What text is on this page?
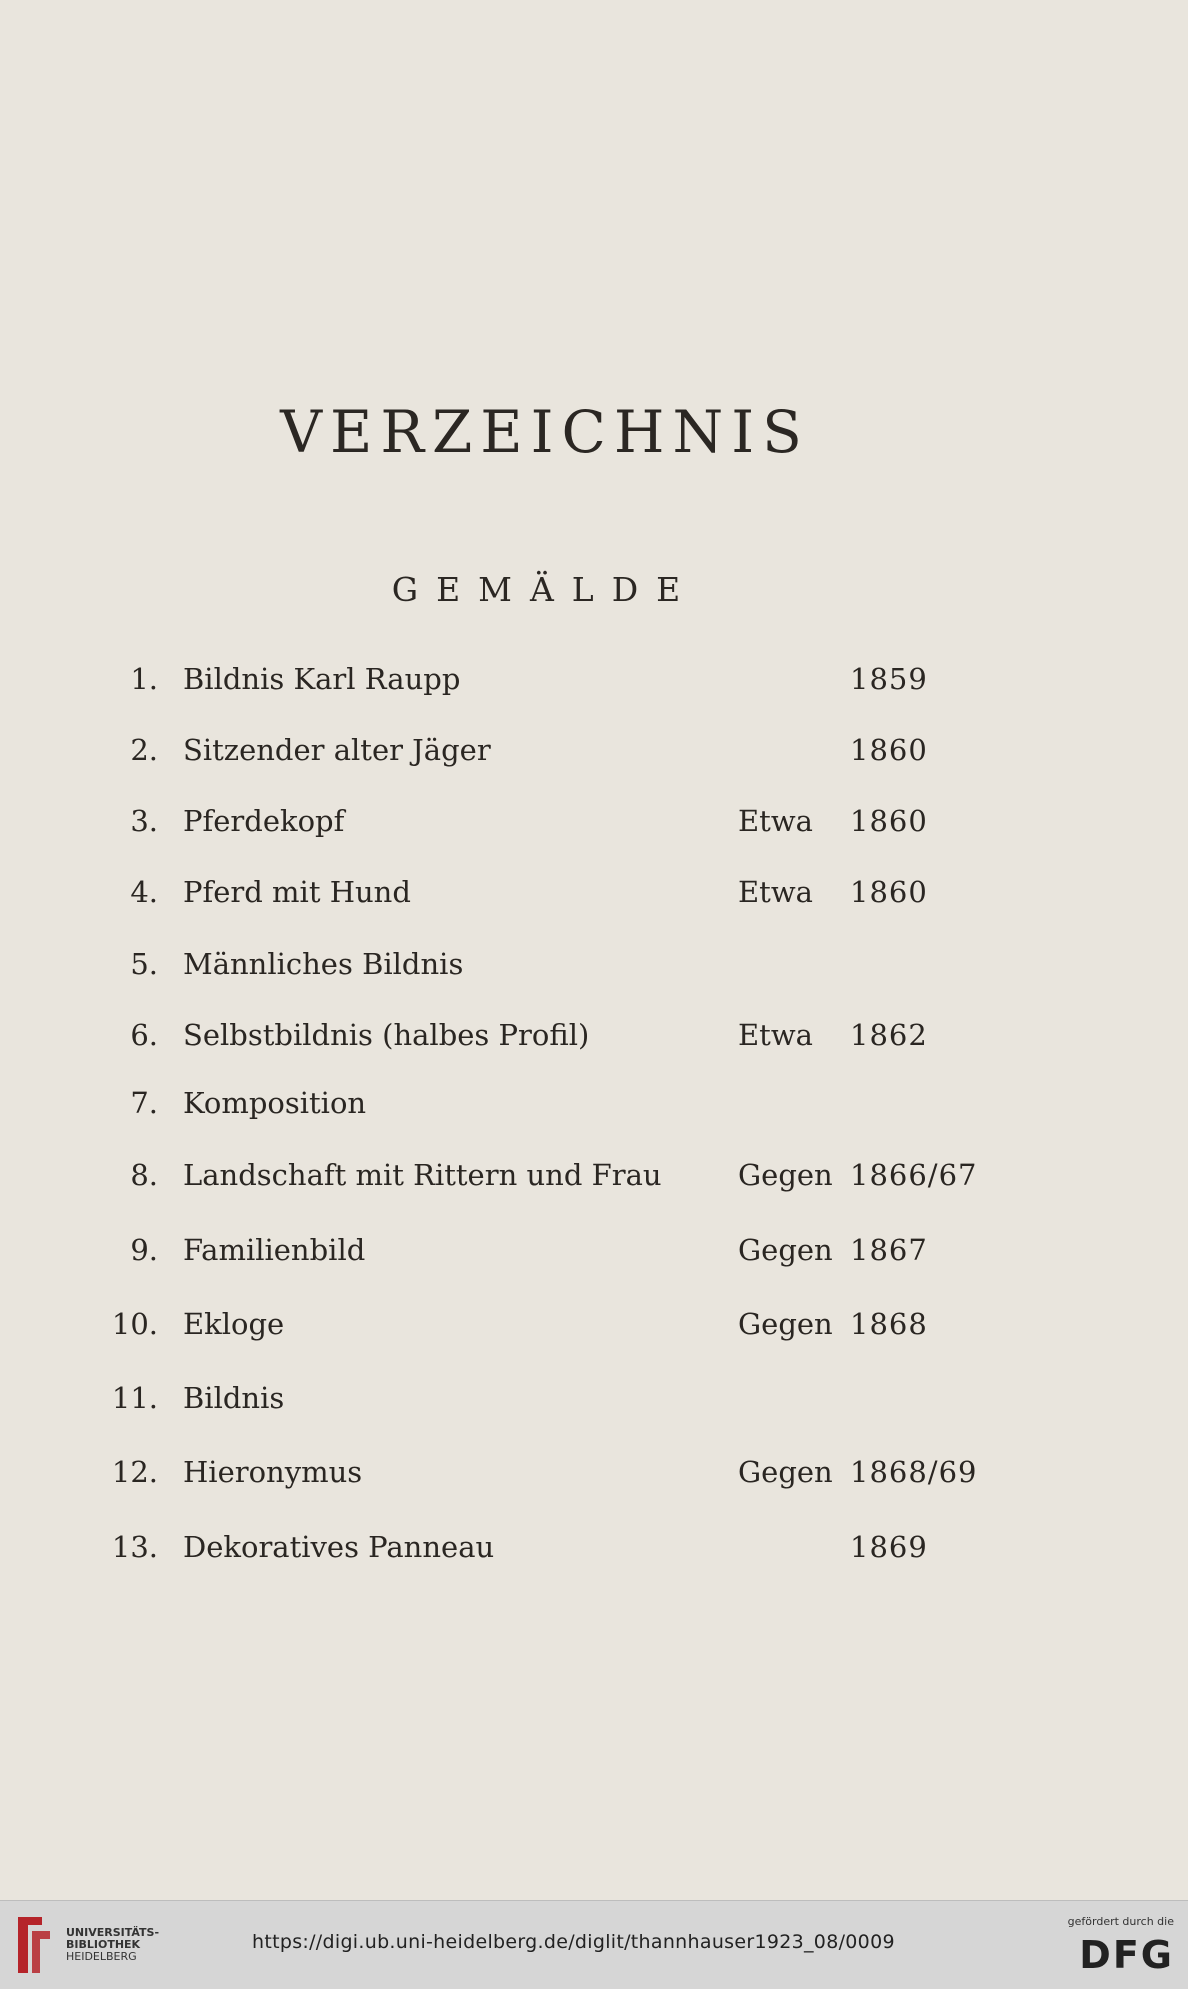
VERZEICHNIS
GEMÄLDE
1. Bildnis Karl Raupp	1859
2. Sitzender alter Jäger	1860
3. Pferdekopf	Etwa 1860
4. Pferd mit Hund	Etwa 1860
5. Männliches Bildnis
6. Selbstbildnis (halbes Profil)	Etwa 1862
7. Komposition
8. Landschaft mit Rittern und Frau	Gegen 1866/67
9. Familienbild	Gegen 1867
10. Ekloge	Gegen 1868
11. Bildnis
12. Hieronymus	Gegen 1868/69
13. Dekoratives Panneau	1869
UNIVERSITÄTS-
BIBLIOTHEK
HEIDELBERG
https://digi.ub.uni-heidelberg.de/diglit/thannhauser1923_08/0009
gefördert durch die
DFG
